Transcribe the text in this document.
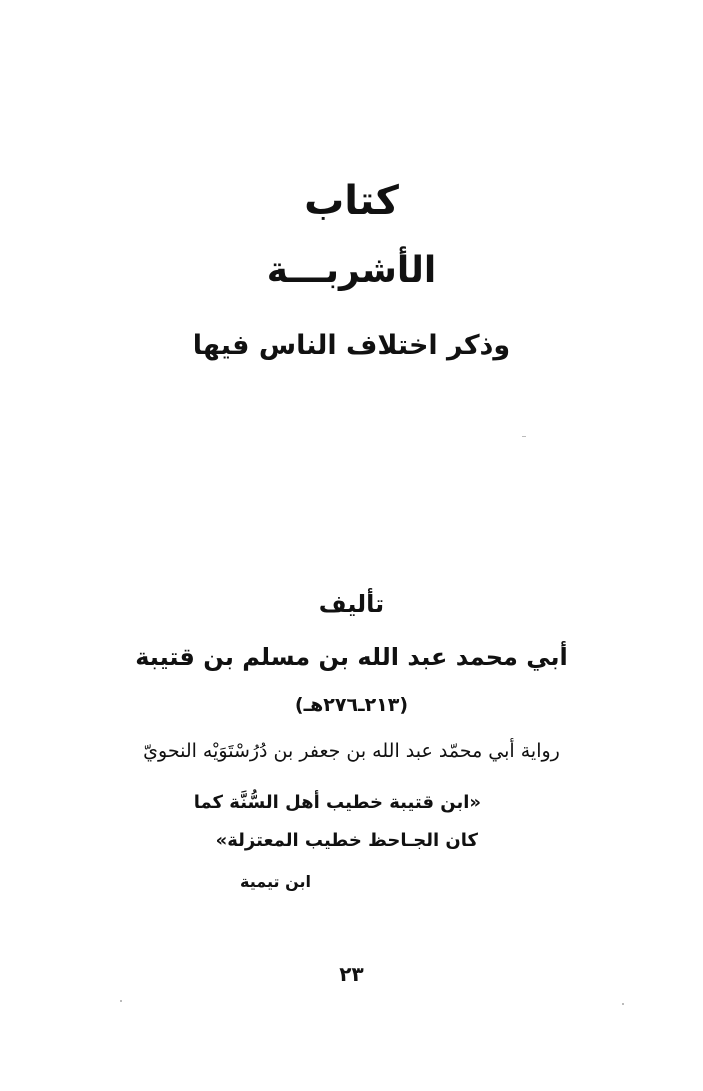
كتاب
الأشربـــة
وذكر اختلاف الناس فيها
تأليف
أبي محمد عبد الله بن مسلم بن قتيبة
(٢١٣ـ٢٧٦هـ)
رواية أبي محمّد عبد الله بن جعفر بن دُرُسْتَوَيْه النحويّ
«ابن قتيبة خطيب أهل السُّنَّة كما
كان الجـاحظ خطيب المعتزلة»
ابن تيمية
٢٣
